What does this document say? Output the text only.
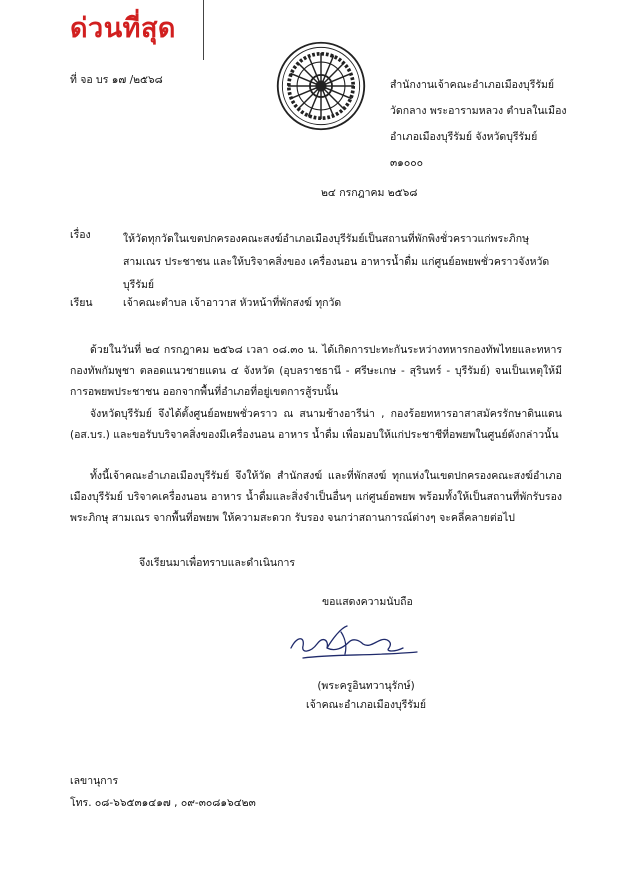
ด่วนที่สุด
ที่ จอ บร ๑๗ /๒๕๖๘	สำนักงานเจ้าคณะอำเภอเมืองบุรีรัมย์
วัดกลาง พระอารามหลวง ตำบลในเมือง
อำเภอเมืองบุรีรัมย์ จังหวัดบุรีรัมย์
๓๑๐๐๐
๒๔ กรกฎาคม ๒๕๖๘
เรื่อง	ให้วัดทุกวัดในเขตปกครองคณะสงฆ์อำเภอเมืองบุรีรัมย์เป็นสถานที่พักพิงชั่วคราวแก่พระภิกษุ
สามเณร ประชาชน และให้บริจาคสิ่งของ เครื่องนอน อาหารน้ำดื่ม แก่ศูนย์อพยพชั่วคราวจังหวัด
บุรีรัมย์
เรียน	เจ้าคณะตำบล เจ้าอาวาส หัวหน้าที่พักสงฆ์ ทุกวัด
ด้วยในวันที่ ๒๔ กรกฎาคม ๒๕๖๘ เวลา ๐๘.๓๐ น. ได้เกิดการปะทะกันระหว่างทหารกองทัพไทยและทหารกองทัพกัมพูชา ตลอดแนวชายแดน ๔ จังหวัด (อุบลราชธานี - ศรีษะเกษ - สุรินทร์ - บุรีรัมย์) จนเป็นเหตุให้มีการอพยพประชาชน ออกจากพื้นที่อำเภอที่อยู่เขตการสู้รบนั้น
จังหวัดบุรีรัมย์ จึงได้ตั้งศูนย์อพยพชั่วคราว ณ สนามช้างอารีน่า , กองร้อยทหารอาสาสมัครรักษาดินแดน (อส.บร.) และขอรับบริจาคสิ่งของมีเครื่องนอน อาหาร น้ำดื่ม เพื่อมอบให้แก่ประชาชีที่อพยพในศูนย์ดังกล่าวนั้น
ทั้งนี้เจ้าคณะอำเภอเมืองบุรีรัมย์ จึงให้วัด สำนักสงฆ์ และที่พักสงฆ์ ทุกแห่งในเขตปกครองคณะสงฆ์อำเภอเมืองบุรีรัมย์ บริจาคเครื่องนอน อาหาร น้ำดื่มและสิ่งจำเป็นอื่นๆ แก่ศูนย์อพยพ พร้อมทั้งให้เป็นสถานที่พักรับรองพระภิกษุ สามเณร จากพื้นที่อพยพ ให้ความสะดวก รับรอง จนกว่าสถานการณ์ต่างๆ จะคลี่คลายต่อไป
จึงเรียนมาเพื่อทราบและดำเนินการ
ขอแสดงความนับถือ
(พระครูอินทวานุรักษ์)
เจ้าคณะอำเภอเมืองบุรีรัมย์
เลขานุการ
โทร. ๐๘-๖๖๕๓๑๔๑๗ , ๐๙-๓๐๘๑๖๔๒๓
